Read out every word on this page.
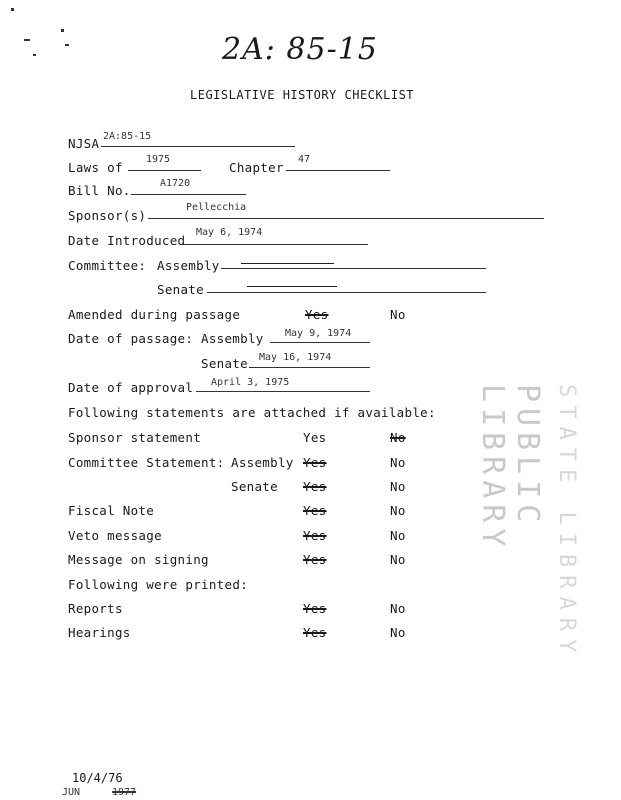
2A: 85-15
LEGISLATIVE HISTORY CHECKLIST
NJSA 2A:85-15
Laws of
1975
Chapter
47
Bill No.	A1720
Sponsor(s)
Pellecchia
Date Introduced
May 6, 1974
Committee: Assembly
Senate
Amended during passage	Yes	No
Date of passage: Assembly May 9, 1974
Senate May 16, 1974
Date of approval April 3, 1975
Following statements are attached if available:
Sponsor statement	Yes	No
Committee Statement: Assembly Yes	No
Senate Yes	No
Fiscal Note	Yes	No
Veto message	Yes	No
Message on signing	Yes	No
Following were printed:
Reports	Yes	No
Hearings	Yes	No
PUBLIC LIBRARY	STATE LIBRARY
10/4/76
JUN	1977
